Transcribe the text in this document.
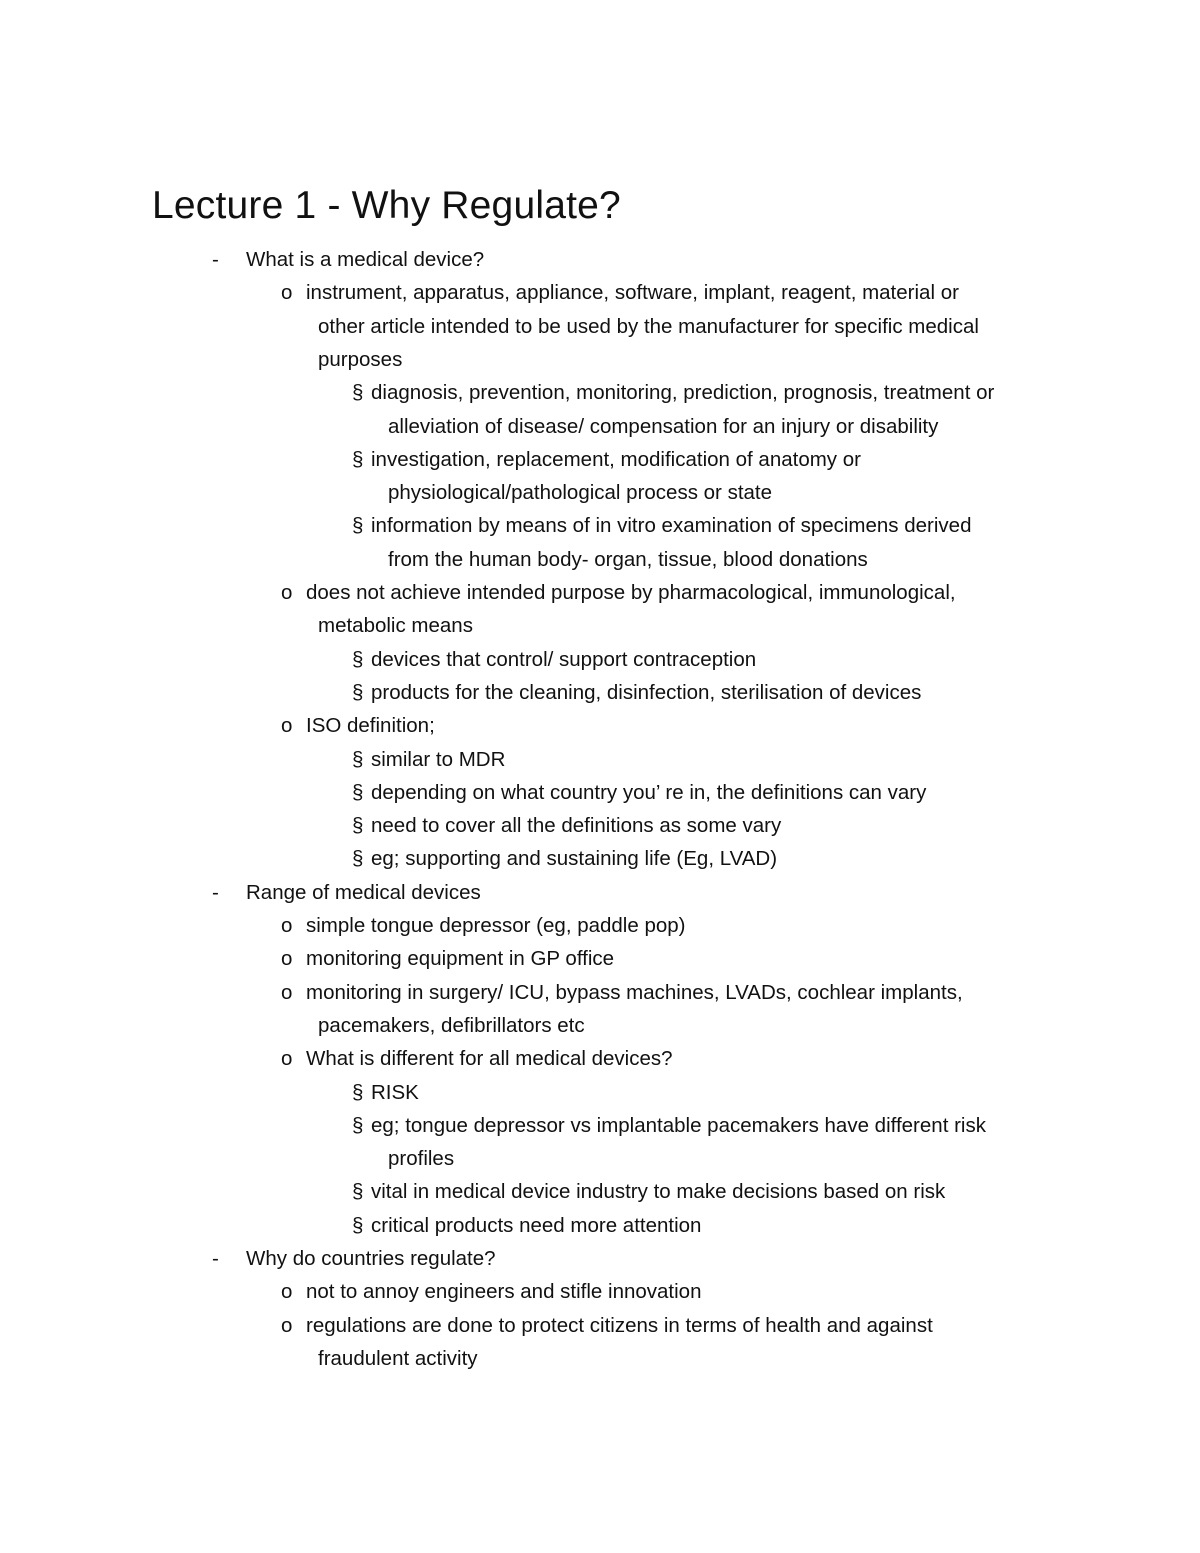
Lecture 1 - Why Regulate?
- What is a medical device?
o instrument, apparatus, appliance, software, implant, reagent, material or
other article intended to be used by the manufacturer for specific medical
purposes
§ diagnosis, prevention, monitoring, prediction, prognosis, treatment or
alleviation of disease/ compensation for an injury or disability
§ investigation, replacement, modification of anatomy or
physiological/pathological process or state
§ information by means of in vitro examination of specimens derived
from the human body- organ, tissue, blood donations
o does not achieve intended purpose by pharmacological, immunological,
metabolic means
§ devices that control/ support contraception
§ products for the cleaning, disinfection, sterilisation of devices
o ISO definition;
§ similar to MDR
§ depending on what country you’ re in, the definitions can vary
§ need to cover all the definitions as some vary
§ eg; supporting and sustaining life (Eg, LVAD)
- Range of medical devices
o simple tongue depressor (eg, paddle pop)
o monitoring equipment in GP office
o monitoring in surgery/ ICU, bypass machines, LVADs, cochlear implants,
pacemakers, defibrillators etc
o What is different for all medical devices?
§ RISK
§ eg; tongue depressor vs implantable pacemakers have different risk
profiles
§ vital in medical device industry to make decisions based on risk
§ critical products need more attention
- Why do countries regulate?
o not to annoy engineers and stifle innovation
o regulations are done to protect citizens in terms of health and against
fraudulent activity
